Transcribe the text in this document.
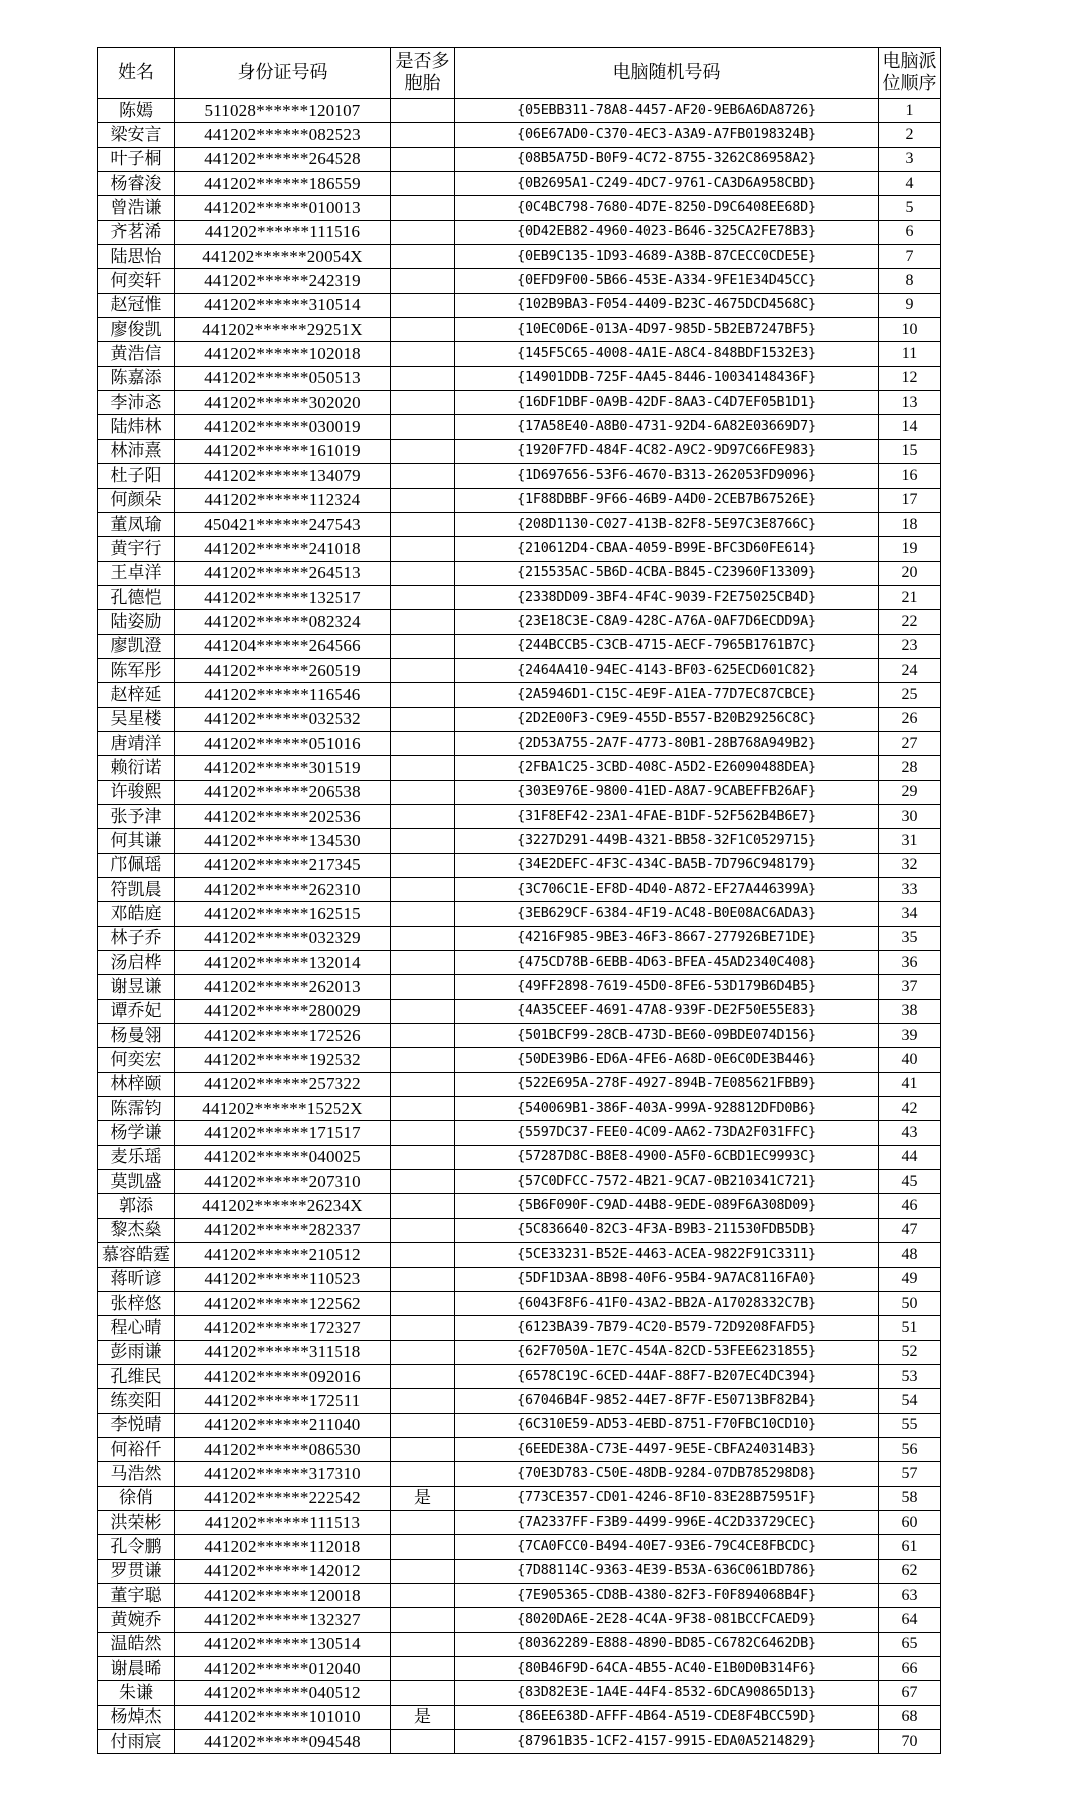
姓名	身份证号码	是否多胞胎	电脑随机号码	电脑派位顺序
陈嫣	511028******120107		{05EBB311-78A8-4457-AF20-9EB6A6DA8726}	1
梁安言	441202******082523		{06E67AD0-C370-4EC3-A3A9-A7FB0198324B}	2
叶子桐	441202******264528		{08B5A75D-B0F9-4C72-8755-3262C86958A2}	3
杨睿浚	441202******186559		{0B2695A1-C249-4DC7-9761-CA3D6A958CBD}	4
曾浩谦	441202******010013		{0C4BC798-7680-4D7E-8250-D9C6408EE68D}	5
齐茗浠	441202******111516		{0D42EB82-4960-4023-B646-325CA2FE78B3}	6
陆思怡	441202******20054X		{0EB9C135-1D93-4689-A38B-87CECC0CDE5E}	7
何奕轩	441202******242319		{0EFD9F00-5B66-453E-A334-9FE1E34D45CC}	8
赵冠惟	441202******310514		{102B9BA3-F054-4409-B23C-4675DCD4568C}	9
廖俊凯	441202******29251X		{10EC0D6E-013A-4D97-985D-5B2EB7247BF5}	10
黄浩信	441202******102018		{145F5C65-4008-4A1E-A8C4-848BDF1532E3}	11
陈嘉添	441202******050513		{14901DDB-725F-4A45-8446-10034148436F}	12
李沛忞	441202******302020		{16DF1DBF-0A9B-42DF-8AA3-C4D7EF05B1D1}	13
陆炜林	441202******030019		{17A58E40-A8B0-4731-92D4-6A82E03669D7}	14
林沛熹	441202******161019		{1920F7FD-484F-4C82-A9C2-9D97C66FE983}	15
杜子阳	441202******134079		{1D697656-53F6-4670-B313-262053FD9096}	16
何颜朵	441202******112324		{1F88DBBF-9F66-46B9-A4D0-2CEB7B67526E}	17
董凤瑜	450421******247543		{208D1130-C027-413B-82F8-5E97C3E8766C}	18
黄宇行	441202******241018		{210612D4-CBAA-4059-B99E-BFC3D60FE614}	19
王卓洋	441202******264513		{215535AC-5B6D-4CBA-B845-C23960F13309}	20
孔德恺	441202******132517		{2338DD09-3BF4-4F4C-9039-F2E75025CB4D}	21
陆姿励	441202******082324		{23E18C3E-C8A9-428C-A76A-0AF7D6ECDD9A}	22
廖凯澄	441204******264566		{244BCCB5-C3CB-4715-AECF-7965B1761B7C}	23
陈军彤	441202******260519		{2464A410-94EC-4143-BF03-625ECD601C82}	24
赵梓延	441202******116546		{2A5946D1-C15C-4E9F-A1EA-77D7EC87CBCE}	25
吴星楼	441202******032532		{2D2E00F3-C9E9-455D-B557-B20B29256C8C}	26
唐靖洋	441202******051016		{2D53A755-2A7F-4773-80B1-28B768A949B2}	27
赖衍诺	441202******301519		{2FBA1C25-3CBD-408C-A5D2-E26090488DEA}	28
许骏熙	441202******206538		{303E976E-9800-41ED-A8A7-9CABEFFB26AF}	29
张予津	441202******202536		{31F8EF42-23A1-4FAE-B1DF-52F562B4B6E7}	30
何其谦	441202******134530		{3227D291-449B-4321-BB58-32F1C0529715}	31
邝佩瑶	441202******217345		{34E2DEFC-4F3C-434C-BA5B-7D796C948179}	32
符凯晨	441202******262310		{3C706C1E-EF8D-4D40-A872-EF27A446399A}	33
邓皓庭	441202******162515		{3EB629CF-6384-4F19-AC48-B0E08AC6ADA3}	34
林子乔	441202******032329		{4216F985-9BE3-46F3-8667-277926BE71DE}	35
汤启桦	441202******132014		{475CD78B-6EBB-4D63-BFEA-45AD2340C408}	36
谢昱谦	441202******262013		{49FF2898-7619-45D0-8FE6-53D179B6D4B5}	37
谭乔妃	441202******280029		{4A35CEEF-4691-47A8-939F-DE2F50E55E83}	38
杨曼翎	441202******172526		{501BCF99-28CB-473D-BE60-09BDE074D156}	39
何奕宏	441202******192532		{50DE39B6-ED6A-4FE6-A68D-0E6C0DE3B446}	40
林梓颐	441202******257322		{522E695A-278F-4927-894B-7E085621FBB9}	41
陈霈钧	441202******15252X		{540069B1-386F-403A-999A-928812DFD0B6}	42
杨学谦	441202******171517		{5597DC37-FEE0-4C09-AA62-73DA2F031FFC}	43
麦乐瑶	441202******040025		{57287D8C-B8E8-4900-A5F0-6CBD1EC9993C}	44
莫凯盛	441202******207310		{57C0DFCC-7572-4B21-9CA7-0B210341C721}	45
郭添	441202******26234X		{5B6F090F-C9AD-44B8-9EDE-089F6A308D09}	46
黎杰燊	441202******282337		{5C836640-82C3-4F3A-B9B3-211530FDB5DB}	47
慕容皓霆	441202******210512		{5CE33231-B52E-4463-ACEA-9822F91C3311}	48
蒋昕谚	441202******110523		{5DF1D3AA-8B98-40F6-95B4-9A7AC8116FA0}	49
张梓悠	441202******122562		{6043F8F6-41F0-43A2-BB2A-A17028332C7B}	50
程心晴	441202******172327		{6123BA39-7B79-4C20-B579-72D9208FAFD5}	51
彭雨谦	441202******311518		{62F7050A-1E7C-454A-82CD-53FEE6231855}	52
孔维民	441202******092016		{6578C19C-6CED-44AF-88F7-B207EC4DC394}	53
练奕阳	441202******172511		{67046B4F-9852-44E7-8F7F-E50713BF82B4}	54
李悦晴	441202******211040		{6C310E59-AD53-4EBD-8751-F70FBC10CD10}	55
何裕仟	441202******086530		{6EEDE38A-C73E-4497-9E5E-CBFA240314B3}	56
马浩然	441202******317310		{70E3D783-C50E-48DB-9284-07DB785298D8}	57
徐俏	441202******222542	是	{773CE357-CD01-4246-8F10-83E28B75951F}	58
洪荣彬	441202******111513		{7A2337FF-F3B9-4499-996E-4C2D33729CEC}	60
孔令鹏	441202******112018		{7CA0FCC0-B494-40E7-93E6-79C4CE8FBCDC}	61
罗贯谦	441202******142012		{7D88114C-9363-4E39-B53A-636C061BD786}	62
董宇聪	441202******120018		{7E905365-CD8B-4380-82F3-F0F894068B4F}	63
黄婉乔	441202******132327		{8020DA6E-2E28-4C4A-9F38-081BCCFCAED9}	64
温皓然	441202******130514		{80362289-E888-4890-BD85-C6782C6462DB}	65
谢晨晞	441202******012040		{80B46F9D-64CA-4B55-AC40-E1B0D0B314F6}	66
朱谦	441202******040512		{83D82E3E-1A4E-44F4-8532-6DCA90865D13}	67
杨焯杰	441202******101010	是	{86EE638D-AFFF-4B64-A519-CDE8F4BCC59D}	68
付雨宸	441202******094548		{87961B35-1CF2-4157-9915-EDA0A5214829}	70
